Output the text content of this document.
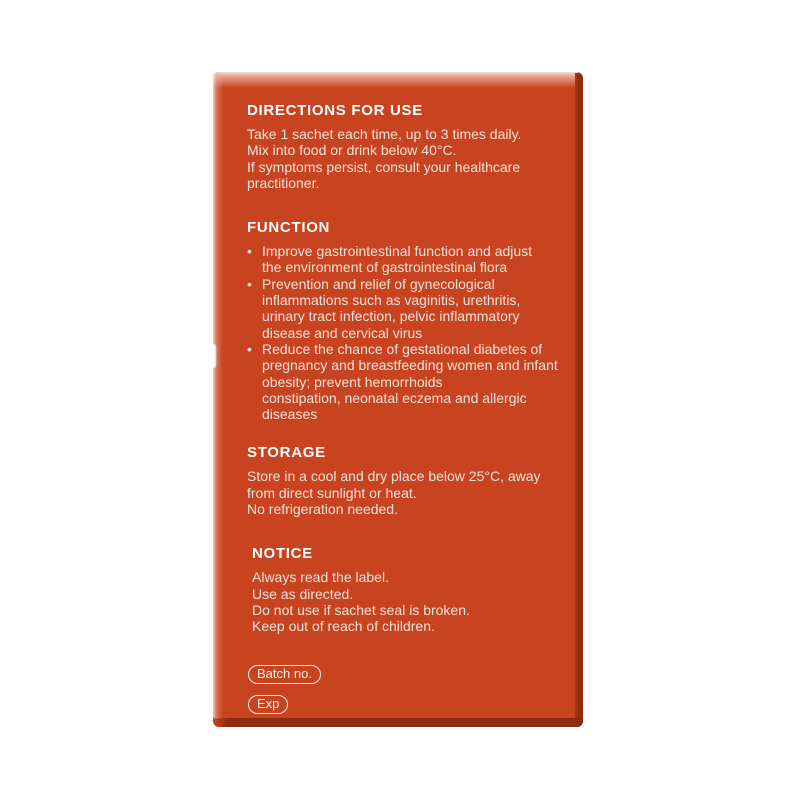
DIRECTIONS FOR USE
Take 1 sachet each time, up to 3 times daily.
Mix into food or drink below 40°C.
If symptoms persist, consult your healthcare
practitioner.
FUNCTION
• Improve gastrointestinal function and adjust
the environment of gastrointestinal flora
• Prevention and relief of gynecological
inflammations such as vaginitis, urethritis,
urinary tract infection, pelvic inflammatory
disease and cervical virus
• Reduce the chance of gestational diabetes of
pregnancy and breastfeeding women and infant
obesity; prevent hemorrhoids
constipation, neonatal eczema and allergic
diseases
STORAGE
Store in a cool and dry place below 25°C, away
from direct sunlight or heat.
No refrigeration needed.
NOTICE
Always read the label.
Use as directed.
Do not use if sachet seal is broken.
Keep out of reach of children.
Batch no.
Exp
